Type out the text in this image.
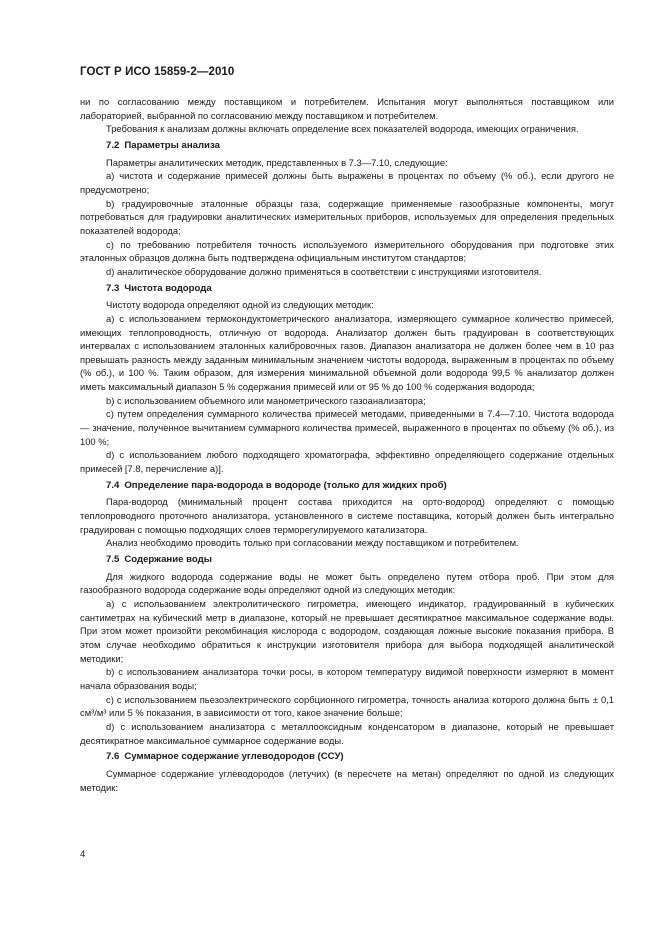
ГОСТ Р ИСО 15859-2—2010

ни по согласованию между поставщиком и потребителем. Испытания могут выполняться поставщиком или лабораторией, выбранной по согласованию между поставщиком и потребителем.

Требования к анализам должны включать определение всех показателей водорода, имеющих ограничения.

7.2 Параметры анализа

Параметры аналитических методик, представленных в 7.3—7.10, следующие:

a) чистота и содержание примесей должны быть выражены в процентах по объему (% об.), если другого не предусмотрено;

b) градуировочные эталонные образцы газа, содержащие применяемые газообразные компоненты, могут потребоваться для градуировки аналитических измерительных приборов, используемых для определения предельных показателей водорода;

c) по требованию потребителя точность используемого измерительного оборудования при подготовке этих эталонных образцов должна быть подтверждена официальным институтом стандартов;

d) аналитическое оборудование должно применяться в соответствии с инструкциями изготовителя.

7.3 Чистота водорода

Чистоту водорода определяют одной из следующих методик:

a) с использованием термокондуктометрического анализатора, измеряющего суммарное количество примесей, имеющих теплопроводность, отличную от водорода. Анализатор должен быть градуирован в соответствующих интервалах с использованием эталонных калибровочных газов. Диапазон анализатора не должен более чем в 10 раз превышать разность между заданным минимальным значением чистоты водорода, выраженным в процентах по объему (% об.), и 100 %. Таким образом, для измерения минимальной объемной доли водорода 99,5 % анализатор должен иметь максимальный диапазон 5 % содержания примесей или от 95 % до 100 % содержания водорода;

b) с использованием объемного или манометрического газоанализатора;

c) путем определения суммарного количества примесей методами, приведенными в 7.4—7.10. Чистота водорода — значение, полученное вычитанием суммарного количества примесей, выраженного в процентах по объему (% об.), из 100 %;

d) с использованием любого подходящего хроматографа, эффективно определяющего содержание отдельных примесей [7.8, перечисление a)].

7.4 Определение пара-водорода в водороде (только для жидких проб)

Пара-водород (минимальный процент состава приходится на орто-водород) определяют с помощью теплопроводного проточного анализатора, установленного в системе поставщика, который должен быть интегрально градуирован с помощью подходящих слоев терморегулируемого катализатора.

Анализ необходимо проводить только при согласовании между поставщиком и потребителем.

7.5 Содержание воды

Для жидкого водорода содержание воды не может быть определено путем отбора проб. При этом для газообразного водорода содержание воды определяют одной из следующих методик:

a) с использованием электролитического гигрометра, имеющего индикатор, градуированный в кубических сантиметрах на кубический метр в диапазоне, который не превышает десятикратное максимальное содержание воды. При этом может произойти рекомбинация кислорода с водородом, создающая ложные высокие показания прибора. В этом случае необходимо обратиться к инструкции изготовителя прибора для выбора подходящей аналитической методики;

b) с использованием анализатора точки росы, в котором температуру видимой поверхности измеряют в момент начала образования воды;

c) с использованием пьезоэлектрического сорбционного гигрометра, точность анализа которого должна быть ± 0,1 см³/м³ или 5 % показания, в зависимости от того, какое значение больше;

d) с использованием анализатора с металлооксидным конденсатором в диапазоне, который не превышает десятикратное максимальное суммарное содержание воды.

7.6 Суммарное содержание углеводородов (ССУ)

Суммарное содержание углеводородов (летучих) (в пересчете на метан) определяют по одной из следующих методик:

4
